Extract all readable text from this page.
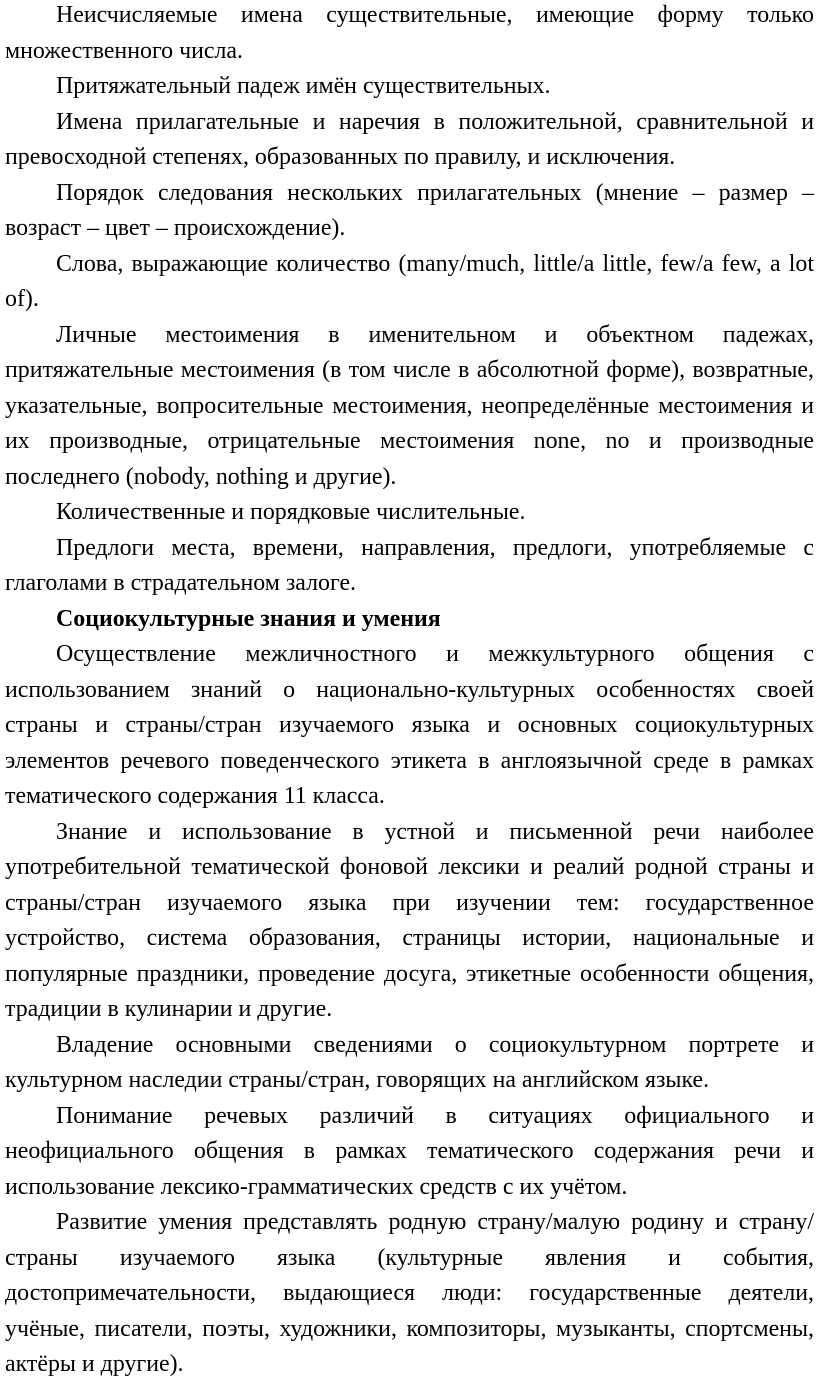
Неисчисляемые имена существительные, имеющие форму только множественного числа.

Притяжательный падеж имён существительных.

Имена прилагательные и наречия в положительной, сравнительной и превосходной степенях, образованных по правилу, и исключения.

Порядок следования нескольких прилагательных (мнение – размер – возраст – цвет – происхождение).

Слова, выражающие количество (many/much, little/a little, few/a few, a lot of).

Личные местоимения в именительном и объектном падежах, притяжательные местоимения (в том числе в абсолютной форме), возвратные, указательные, вопросительные местоимения, неопределённые местоимения и их производные, отрицательные местоимения none, no и производные последнего (nobody, nothing и другие).

Количественные и порядковые числительные.

Предлоги места, времени, направления, предлоги, употребляемые с глаголами в страдательном залоге.

Социокультурные знания и умения

Осуществление межличностного и межкультурного общения с использованием знаний о национально-культурных особенностях своей страны и страны/стран изучаемого языка и основных социокультурных элементов речевого поведенческого этикета в англоязычной среде в рамках тематического содержания 11 класса.

Знание и использование в устной и письменной речи наиболее употребительной тематической фоновой лексики и реалий родной страны и страны/стран изучаемого языка при изучении тем: государственное устройство, система образования, страницы истории, национальные и популярные праздники, проведение досуга, этикетные особенности общения, традиции в кулинарии и другие.

Владение основными сведениями о социокультурном портрете и культурном наследии страны/стран, говорящих на английском языке.

Понимание речевых различий в ситуациях официального и неофициального общения в рамках тематического содержания речи и использование лексико-грамматических средств с их учётом.

Развитие умения представлять родную страну/малую родину и страну/страны изучаемого языка (культурные явления и события, достопримечательности, выдающиеся люди: государственные деятели, учёные, писатели, поэты, художники, композиторы, музыканты, спортсмены, актёры и другие).
